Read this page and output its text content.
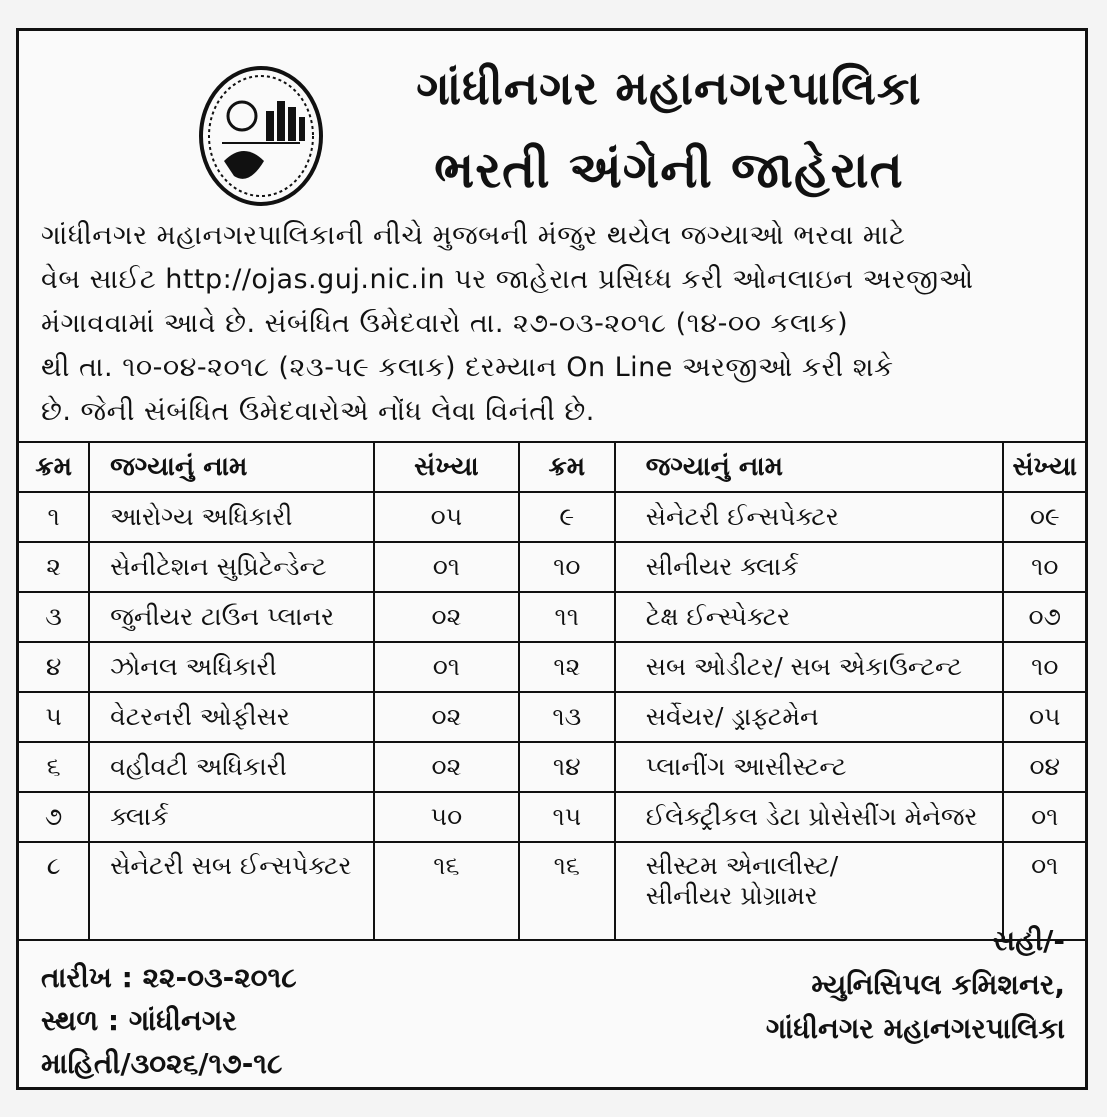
ગાંધીનગર મહાનગરપાલિકા
ભરતી અંગેની જાહેરાત
ગાંધીનગર મહાનગરપાલિકાની નીચે મુજબની મંજુર થયેલ જગ્યાઓ ભરવા માટે
વેબ સાઈટ http://ojas.guj.nic.in પર જાહેરાત પ્રસિધ્ધ કરી ઓનલાઇન અરજીઓ
મંગાવવામાં આવે છે. સંબંધિત ઉમેદવારો તા. ૨૭-૦૩-૨૦૧૮ (૧૪-૦૦ કલાક)
થી તા. ૧૦-૦૪-૨૦૧૮ (૨૩-૫૯ કલાક) દરમ્યાન On Line અરજીઓ કરી શકે
છે. જેની સંબંધિત ઉમેદવારોએ નોંધ લેવા વિનંતી છે.
ક્રમ	જગ્યાનું નામ	સંખ્યા	ક્રમ	જગ્યાનું નામ	સંખ્યા
૧	આરોગ્ય અધિકારી	૦૫	૯	સેનેટરી ઈન્સપેક્ટર	૦૯
૨	સેનીટેશન સુપ્રિટેન્ડેન્ટ	૦૧	૧૦	સીનીયર ક્લાર્ક	૧૦
૩	જુનીયર ટાઉન પ્લાનર	૦૨	૧૧	ટેક્ષ ઈન્સ્પેક્ટર	૦૭
૪	ઝોનલ અધિકારી	૦૧	૧૨	સબ ઓડીટર/ સબ એકાઉન્ટન્ટ	૧૦
૫	વેટરનરી ઓફીસર	૦૨	૧૩	સર્વેયર/ ડ્રાફ્ટમેન	૦૫
૬	વહીવટી અધિકારી	૦૨	૧૪	પ્લાનીંગ આસીસ્ટન્ટ	૦૪
૭	ક્લાર્ક	૫૦	૧૫	ઈલેક્ટ્રીકલ ડેટા પ્રોસેસીંગ મેનેજર	૦૧
૮	સેનેટરી સબ ઈન્સપેક્ટર	૧૬	૧૬	સીસ્ટમ એનાલીસ્ટ/
સીનીયર પ્રોગ્રામર	૦૧
તારીખ : ૨૨-૦૩-૨૦૧૮
સ્થળ : ગાંધીનગર
માહિતી/૩૦૨૬/૧૭-૧૮
સહી/-
મ્યુનિસિપલ કમિશનર,
ગાંધીનગર મહાનગરપાલિકા
